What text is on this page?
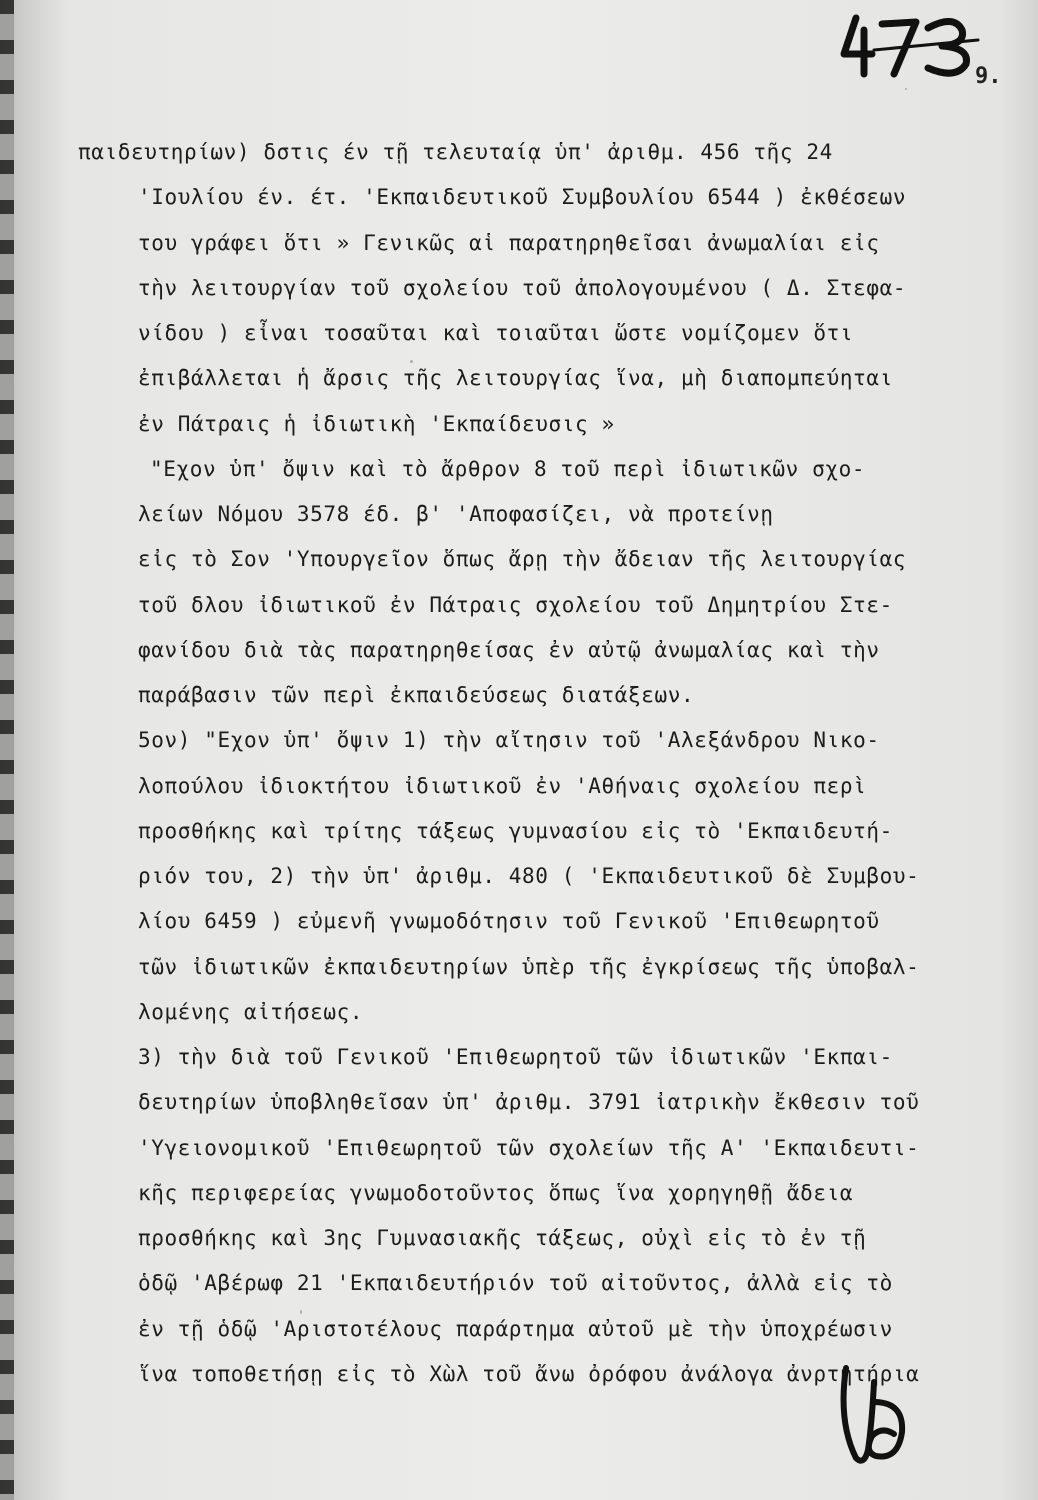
9.
παιδευτηρίων) δστις έν τῇ τελευταίᾳ ὑπ' ἀριθμ. 456 τῆς 24
'Ιουλίου έν. έτ. 'Εκπαιδευτικοῦ Συμβουλίου 6544 ) ἐκθέσεων
του γράφει ὅτι » Γενικῶς αἱ παρατηρηθεῖσαι ἀνωμαλίαι εἰς
τὴν λειτουργίαν τοῦ σχολείου τοῦ ἀπολογουμένου ( Δ. Στεφα-
νίδου ) εἶναι τοσαῦται καὶ τοιαῦται ὥστε νομίζομεν ὅτι
ἐπιβάλλεται ἡ ἄρσις τῆς λειτουργίας ἵνα, μὴ διαπομπεύηται
ἐν Πάτραις ἡ ἰδιωτικὴ 'Εκπαίδευσις »
"Εχον ὑπ' ὄψιν καὶ τὸ ἄρθρον 8 τοῦ περὶ ἰδιωτικῶν σχο-
λείων Νόμου 3578 έδ. β' 'Αποφασίζει, νὰ προτείνῃ
εἰς τὸ Σον 'Υπουργεῖον ὅπως ἄρῃ τὴν ἄδειαν τῆς λειτουργίας
τοῦ δλου ἰδιωτικοῦ ἐν Πάτραις σχολείου τοῦ Δημητρίου Στε-
φανίδου διὰ τὰς παρατηρηθείσας ἐν αὐτῷ ἀνωμαλίας καὶ τὴν
παράβασιν τῶν περὶ ἐκπαιδεύσεως διατάξεων.
5ον) "Εχον ὑπ' ὄψιν 1) τὴν αἴτησιν τοῦ 'Αλεξάνδρου Νικο-
λοπούλου ἰδιοκτήτου ἰδιωτικοῦ ἐν 'Αθήναις σχολείου περὶ
προσθήκης καὶ τρίτης τάξεως γυμνασίου εἰς τὸ 'Εκπαιδευτή-
ριόν του, 2) τὴν ὑπ' ἀριθμ. 480 ( 'Εκπαιδευτικοῦ δὲ Συμβου-
λίου 6459 ) εὐμενῆ γνωμοδότησιν τοῦ Γενικοῦ 'Επιθεωρητοῦ
τῶν ἰδιωτικῶν ἐκπαιδευτηρίων ὑπὲρ τῆς ἐγκρίσεως τῆς ὑποβαλ-
λομένης αἰτήσεως.
3) τὴν διὰ τοῦ Γενικοῦ 'Επιθεωρητοῦ τῶν ἰδιωτικῶν 'Εκπαι-
δευτηρίων ὑποβληθεῖσαν ὑπ' ἀριθμ. 3791 ἰατρικὴν ἔκθεσιν τοῦ
'Υγειονομικοῦ 'Επιθεωρητοῦ τῶν σχολείων τῆς Α' 'Εκπαιδευτι-
κῆς περιφερείας γνωμοδοτοῦντος ὅπως ἵνα χορηγηθῇ ἄδεια
προσθήκης καὶ 3ης Γυμνασιακῆς τάξεως, οὐχὶ εἰς τὸ ἐν τῇ
ὁδῷ 'Αβέρωφ 21 'Εκπαιδευτήριόν τοῦ αἰτοῦντος, ἀλλὰ εἰς τὸ
ἐν τῇ ὁδῷ 'Αριστοτέλους παράρτημα αὐτοῦ μὲ τὴν ὑποχρέωσιν
ἵνα τοποθετήσῃ εἰς τὸ Χὼλ τοῦ ἄνω ὀρόφου ἀνάλογα ἀνρτητήρια
